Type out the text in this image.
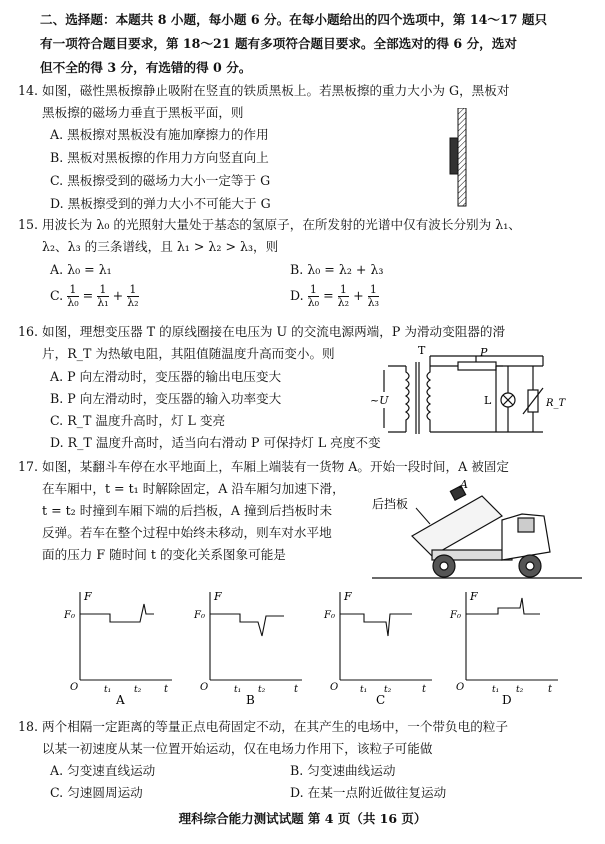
二、选择题：本题共 8 小题，每小题 6 分。在每小题给出的四个选项中，第 14～17 题只
有一项符合题目要求，第 18～21 题有多项符合题目要求。全部选对的得 6 分，选对
但不全的得 3 分，有选错的得 0 分。
14. 如图，磁性黑板擦静止吸附在竖直的铁质黑板上。若黑板擦的重力大小为 G，黑板对
黑板擦的磁场力垂直于黑板平面，则
A. 黑板擦对黑板没有施加摩擦力的作用
B. 黑板对黑板擦的作用力方向竖直向上
C. 黑板擦受到的磁场力大小一定等于 G
D. 黑板擦受到的弹力大小不可能大于 G
15. 用波长为 λ₀ 的光照射大量处于基态的氢原子，在所发射的光谱中仅有波长分别为 λ₁、
λ₂、λ₃ 的三条谱线，且 λ₁ > λ₂ > λ₃，则
A. λ₀ = λ₁	B. λ₀ = λ₂ + λ₃
C. $\frac{1}{\text{λ₀}} = \frac{1}{\text{λ₁}} + \frac{1}{\text{λ₂}}$	D. $\frac{1}{\text{λ₀}} = \frac{1}{\text{λ₂}} + \frac{1}{\text{λ₃}}$
16. 如图，理想变压器 T 的原线圈接在电压为 U 的交流电源两端，P 为滑动变阻器的滑
片，R_T 为热敏电阻，其阻值随温度升高而变小。则
A. P 向左滑动时，变压器的输出电压变大
B. P 向左滑动时，变压器的输入功率变大
C. R_T 温度升高时，灯 L 变亮
D. R_T 温度升高时，适当向右滑动 P 可保持灯 L 亮度不变
T	P
~U	L	R_T
17. 如图，某翻斗车停在水平地面上，车厢上端装有一货物 A。开始一段时间，A 被固定
在车厢中，t = t₁ 时解除固定，A 沿车厢匀加速下滑，
t = t₂ 时撞到车厢下端的后挡板，A 撞到后挡板时未
反弹。若车在整个过程中始终未移动，则车对水平地
面的压力 F 随时间 t 的变化关系图象可能是
后挡板
A
F
F₀
O	t₁	t₂ t
A
F
F₀
O	t₁ t₂	t
B
F
F₀
O t₁ t₂	t
C
F
F₀
O	t₁ t₂ t
D
18. 两个相隔一定距离的等量正点电荷固定不动，在其产生的电场中，一个带负电的粒子
以某一初速度从某一位置开始运动，仅在电场力作用下，该粒子可能做
A. 匀变速直线运动	B. 匀变速曲线运动
C. 匀速圆周运动	D. 在某一点附近做往复运动
理科综合能力测试试题 第 4 页（共 16 页）
